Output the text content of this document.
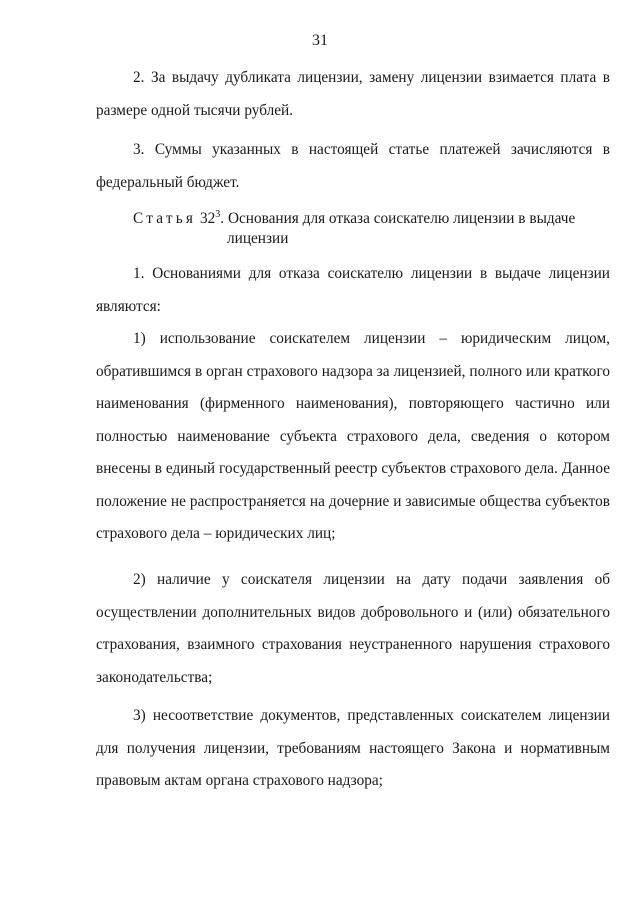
31

2. За выдачу дубликата лицензии, замену лицензии взимается плата в размере одной тысячи рублей.

3. Суммы указанных в настоящей статье платежей зачисляются в федеральный бюджет.

Статья $32^3$. Основания для отказа соискателю лицензии в выдаче
лицензии

1. Основаниями для отказа соискателю лицензии в выдаче лицензии являются:

1) использование соискателем лицензии – юридическим лицом, обратившимся в орган страхового надзора за лицензией, полного или краткого наименования (фирменного наименования), повторяющего частично или полностью наименование субъекта страхового дела, сведения о котором внесены в единый государственный реестр субъектов страхового дела. Данное положение не распространяется на дочерние и зависимые общества субъектов страхового дела – юридических лиц;

2) наличие у соискателя лицензии на дату подачи заявления об осуществлении дополнительных видов добровольного и (или) обязательного страхования, взаимного страхования неустраненного нарушения страхового законодательства;

3) несоответствие документов, представленных соискателем лицензии для получения лицензии, требованиям настоящего Закона и нормативным правовым актам органа страхового надзора;
